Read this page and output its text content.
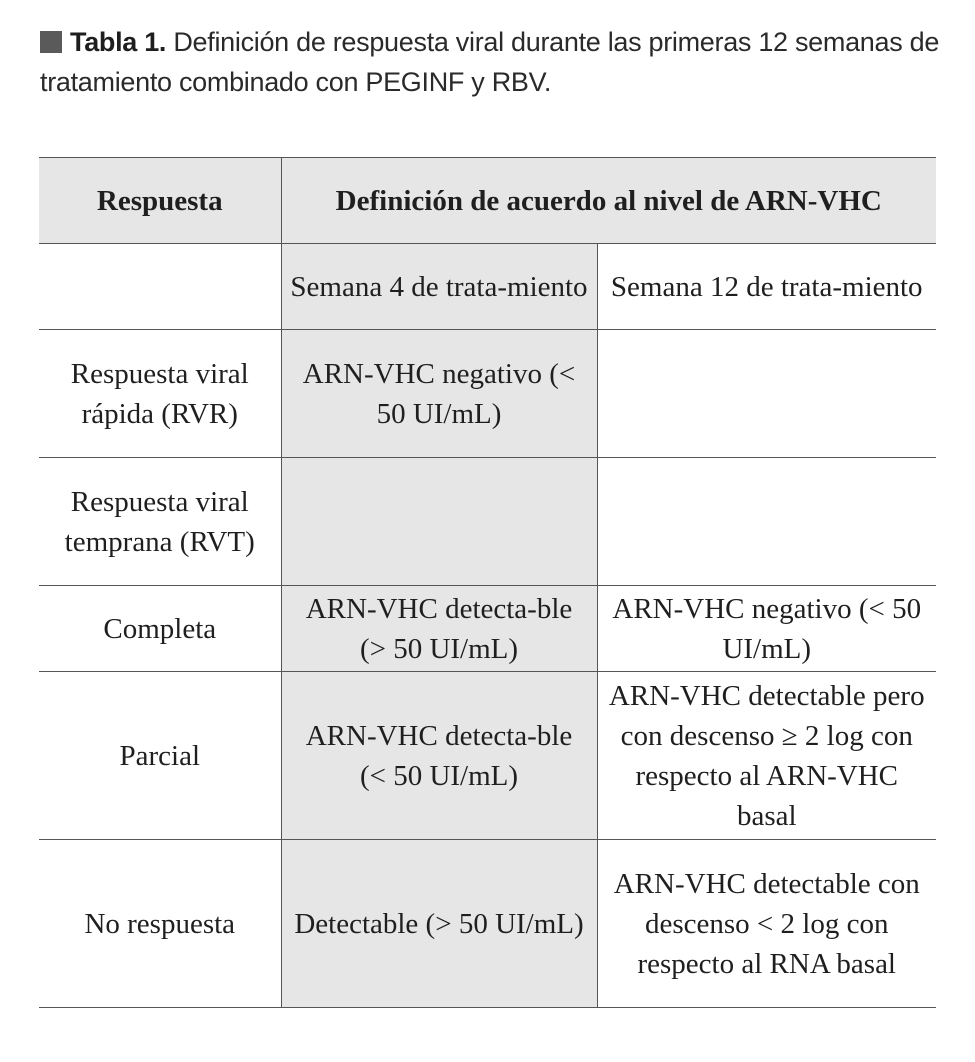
Tabla 1. Definición de respuesta viral durante las primeras 12 semanas de tratamiento combinado con PEGINF y RBV.
Respuesta	Definición de acuerdo al nivel de ARN-VHC	
	Semana 4 de trata-miento	Semana 12 de trata-miento
Respuesta viral rápida (RVR)	ARN-VHC negativo (< 50 UI/mL)	
Respuesta viral temprana (RVT)		
Completa	ARN-VHC detecta-ble (> 50 UI/mL)	ARN-VHC negativo (< 50 UI/mL)
Parcial	ARN-VHC detecta-ble (< 50 UI/mL)	ARN-VHC detectable pero con descenso ≥ 2 log con respecto al ARN-VHC basal
No respuesta	Detectable (> 50 UI/mL)	ARN-VHC detectable con descenso < 2 log con respecto al RNA basal
